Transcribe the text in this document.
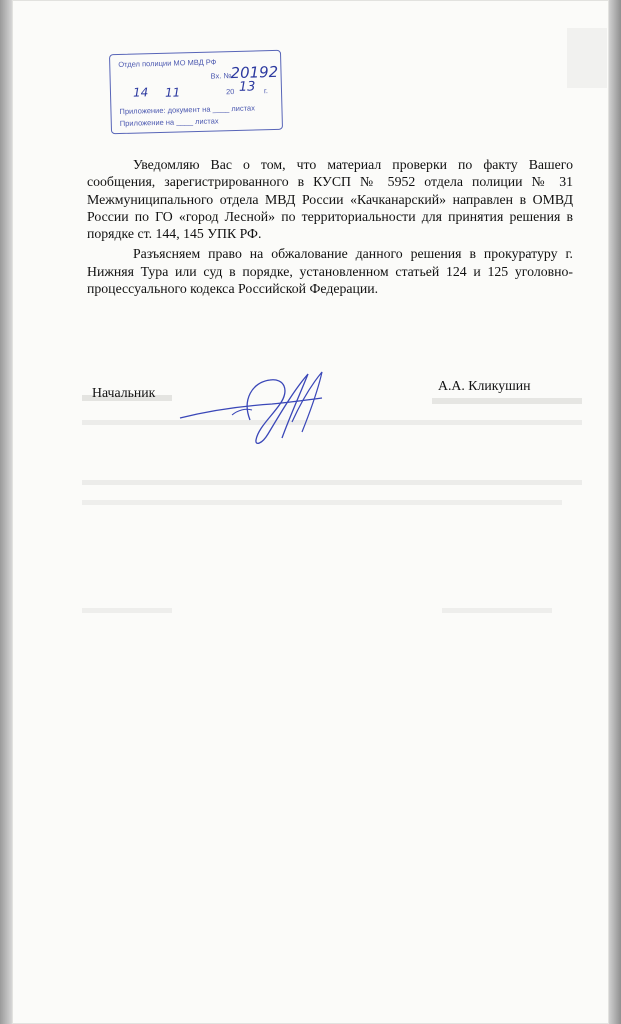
Отдел полиции МО МВД РФ
Вх. №
20192
14 11	20 13 г.
Приложение: документ на ____ листах
Приложение на ____ листах

Уведомляю Вас о том, что материал проверки по факту Вашего сообщения, зарегистрированного в КУСП № 5952 отдела полиции № 31 Межмуниципального отдела МВД России «Качканарский» направлен в ОМВД России по ГО «город Лесной» по территориальности для принятия решения в порядке ст. 144, 145 УПК РФ.

Разъясняем право на обжалование данного решения в прокуратуру г. Нижняя Тура или суд в порядке, установленном статьей 124 и 125 уголовно-процессуального кодекса Российской Федерации.

Начальник	А.А. Кликушин
